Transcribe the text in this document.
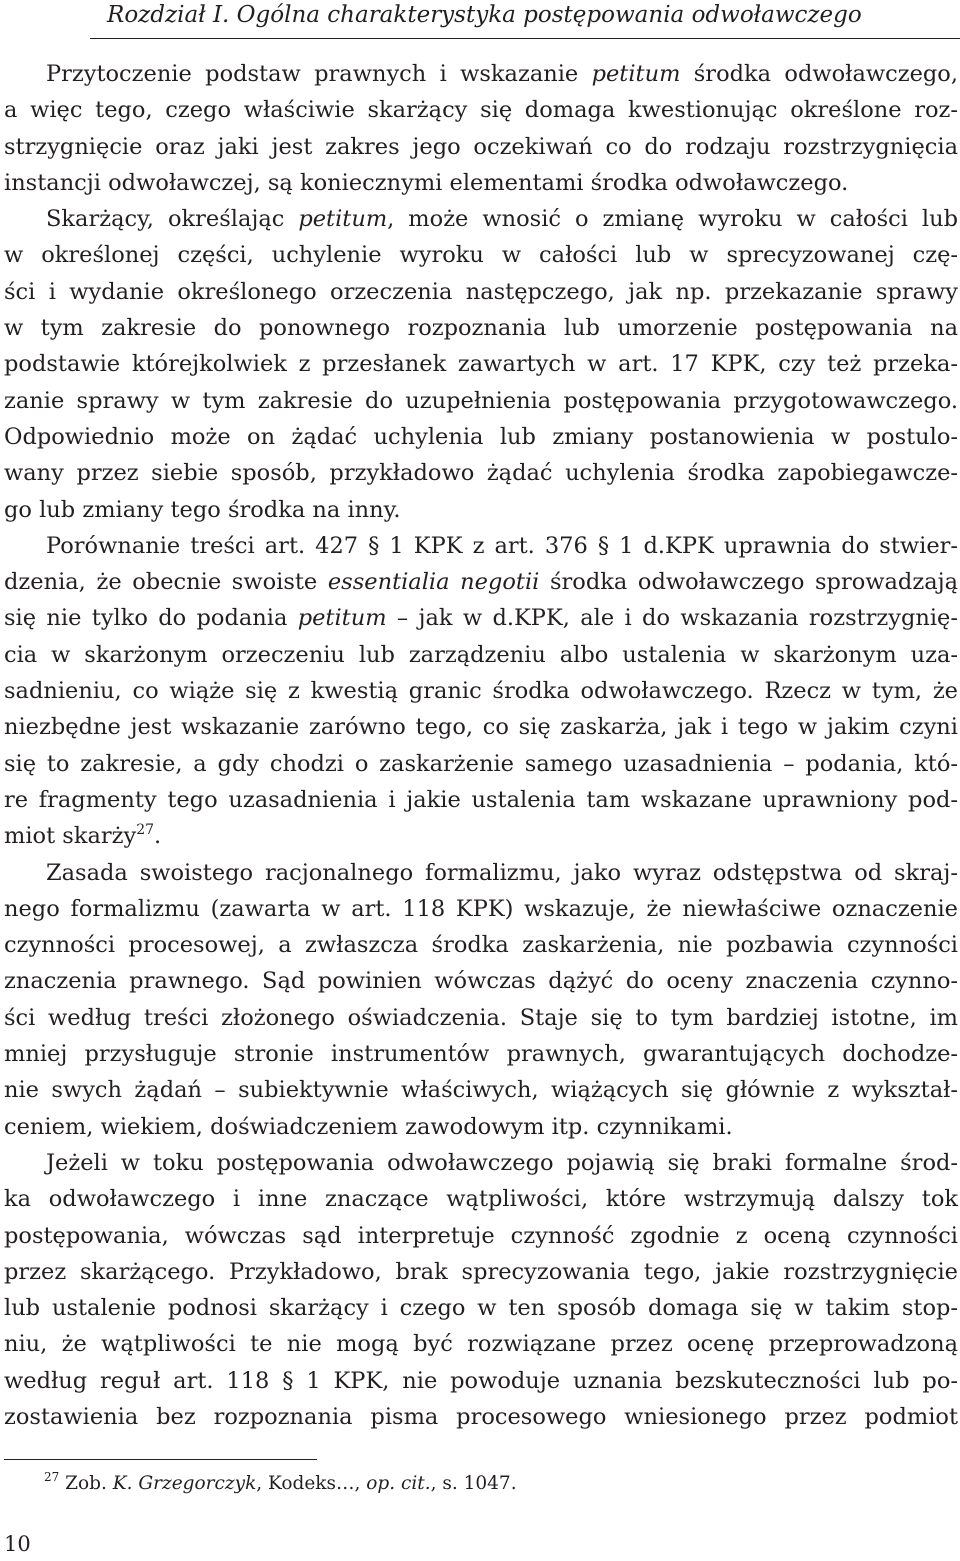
Rozdział I. Ogólna charakterystyka postępowania odwoławczego
Przytoczenie podstaw prawnych i wskazanie petitum środka odwoławczego,
a więc tego, czego właściwie skarżący się domaga kwestionując określone roz-
strzygnięcie oraz jaki jest zakres jego oczekiwań co do rodzaju rozstrzygnięcia
instancji odwoławczej, są koniecznymi elementami środka odwoławczego.
Skarżący, określając petitum, może wnosić o zmianę wyroku w całości lub
w określonej części, uchylenie wyroku w całości lub w sprecyzowanej czę-
ści i wydanie określonego orzeczenia następczego, jak np. przekazanie sprawy
w tym zakresie do ponownego rozpoznania lub umorzenie postępowania na
podstawie którejkolwiek z przesłanek zawartych w art. 17 KPK, czy też przeka-
zanie sprawy w tym zakresie do uzupełnienia postępowania przygotowawczego.
Odpowiednio może on żądać uchylenia lub zmiany postanowienia w postulo-
wany przez siebie sposób, przykładowo żądać uchylenia środka zapobiegawcze-
go lub zmiany tego środka na inny.
Porównanie treści art. 427 § 1 KPK z art. 376 § 1 d.KPK uprawnia do stwier-
dzenia, że obecnie swoiste essentialia negotii środka odwoławczego sprowadzają
się nie tylko do podania petitum – jak w d.KPK, ale i do wskazania rozstrzygnię-
cia w skarżonym orzeczeniu lub zarządzeniu albo ustalenia w skarżonym uza-
sadnieniu, co wiąże się z kwestią granic środka odwoławczego. Rzecz w tym, że
niezbędne jest wskazanie zarówno tego, co się zaskarża, jak i tego w jakim czyni
się to zakresie, a gdy chodzi o zaskarżenie samego uzasadnienia – podania, któ-
re fragmenty tego uzasadnienia i jakie ustalenia tam wskazane uprawniony pod-
miot skarży$^{27}$.
Zasada swoistego racjonalnego formalizmu, jako wyraz odstępstwa od skraj-
nego formalizmu (zawarta w art. 118 KPK) wskazuje, że niewłaściwe oznaczenie
czynności procesowej, a zwłaszcza środka zaskarżenia, nie pozbawia czynności
znaczenia prawnego. Sąd powinien wówczas dążyć do oceny znaczenia czynno-
ści według treści złożonego oświadczenia. Staje się to tym bardziej istotne, im
mniej przysługuje stronie instrumentów prawnych, gwarantujących dochodze-
nie swych żądań – subiektywnie właściwych, wiążących się głównie z wykształ-
ceniem, wiekiem, doświadczeniem zawodowym itp. czynnikami.
Jeżeli w toku postępowania odwoławczego pojawią się braki formalne środ-
ka odwoławczego i inne znaczące wątpliwości, które wstrzymują dalszy tok
postępowania, wówczas sąd interpretuje czynność zgodnie z oceną czynności
przez skarżącego. Przykładowo, brak sprecyzowania tego, jakie rozstrzygnięcie
lub ustalenie podnosi skarżący i czego w ten sposób domaga się w takim stop-
niu, że wątpliwości te nie mogą być rozwiązane przez ocenę przeprowadzoną
według reguł art. 118 § 1 KPK, nie powoduje uznania bezskuteczności lub po-
zostawienia bez rozpoznania pisma procesowego wniesionego przez podmiot
$^{27}$ Zob. K. Grzegorczyk, Kodeks…, op. cit., s. 1047.
10
